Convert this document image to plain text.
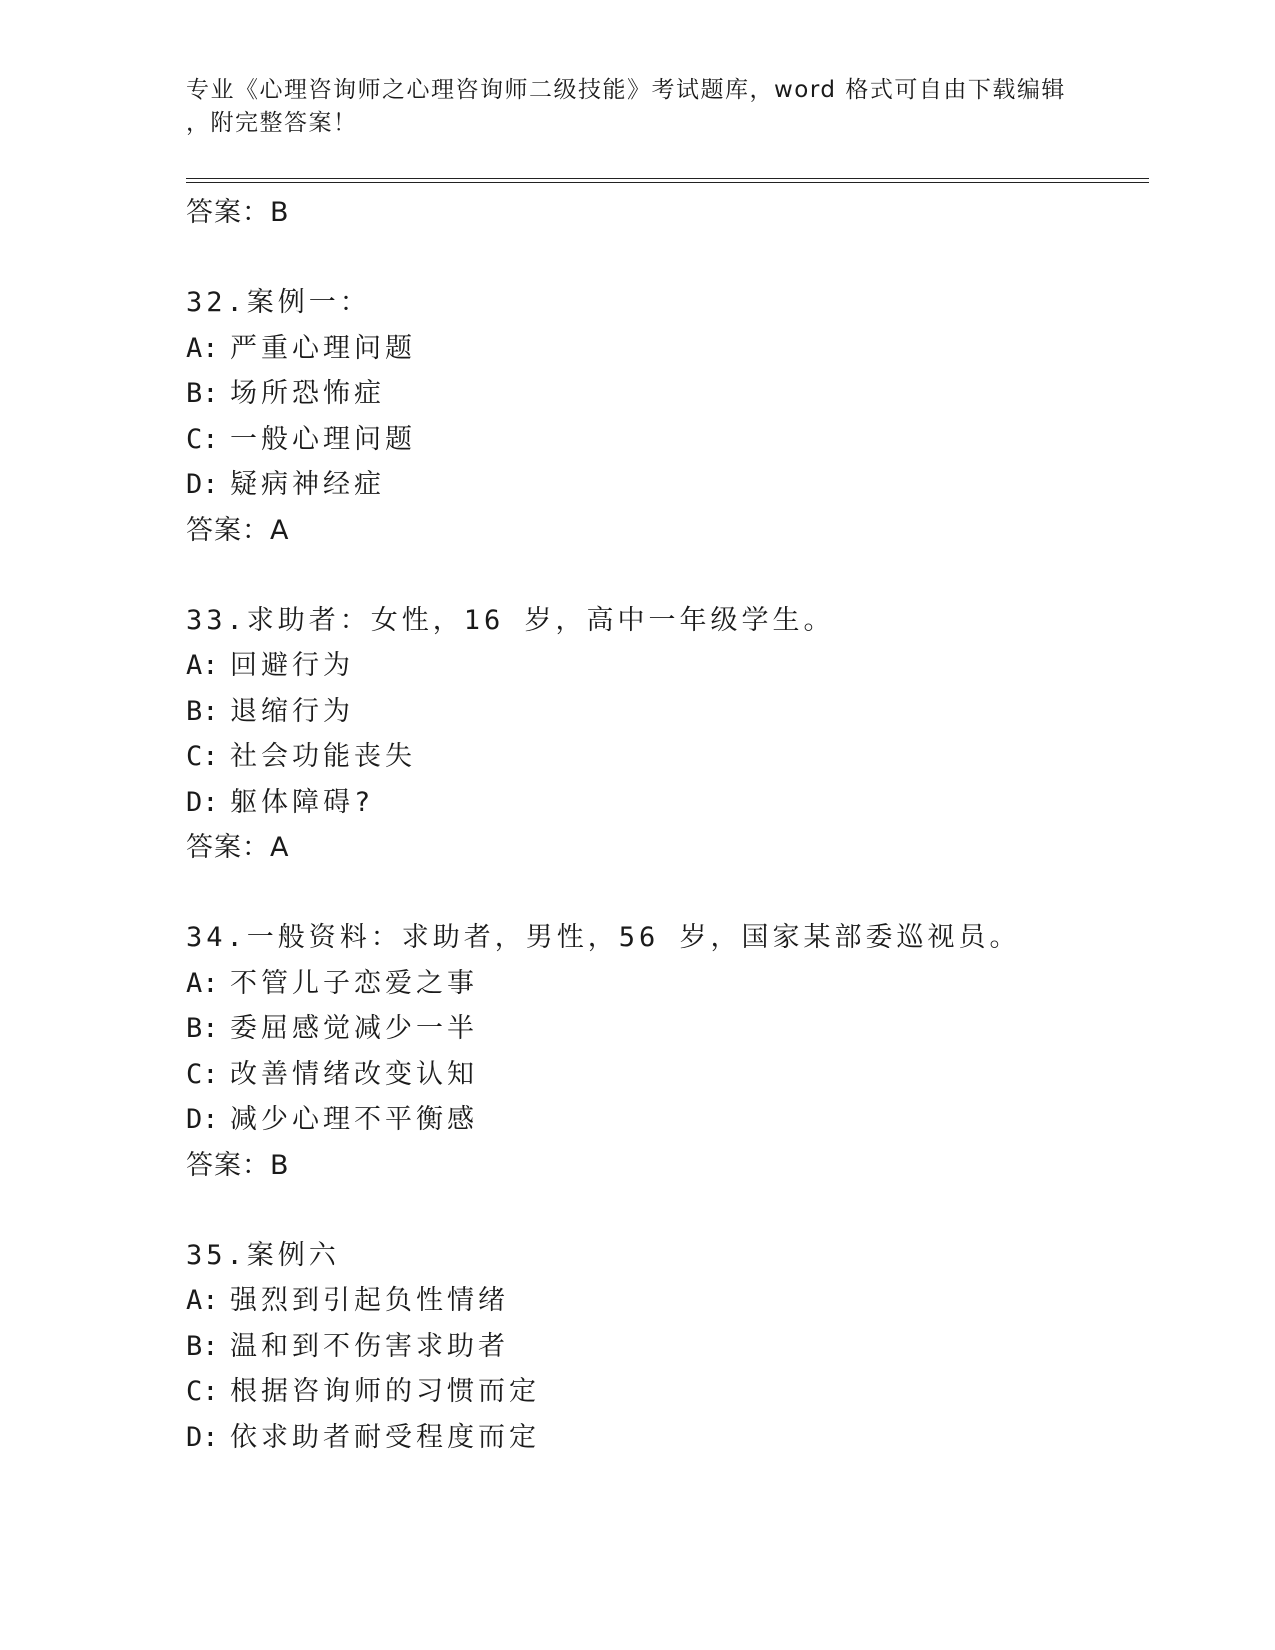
专业《心理咨询师之心理咨询师二级技能》考试题库，word 格式可自由下载编辑
，附完整答案！
答案：B
32.案例一：
A: 严重心理问题
B: 场所恐怖症
C: 一般心理问题
D: 疑病神经症
答案：A
33.求助者：女性，16 岁，高中一年级学生。
A: 回避行为
B: 退缩行为
C: 社会功能丧失
D: 躯体障碍?
答案：A
34.一般资料：求助者，男性，56 岁，国家某部委巡视员。
A: 不管儿子恋爱之事
B: 委屈感觉减少一半
C: 改善情绪改变认知
D: 减少心理不平衡感
答案：B
35.案例六
A: 强烈到引起负性情绪
B: 温和到不伤害求助者
C: 根据咨询师的习惯而定
D: 依求助者耐受程度而定
